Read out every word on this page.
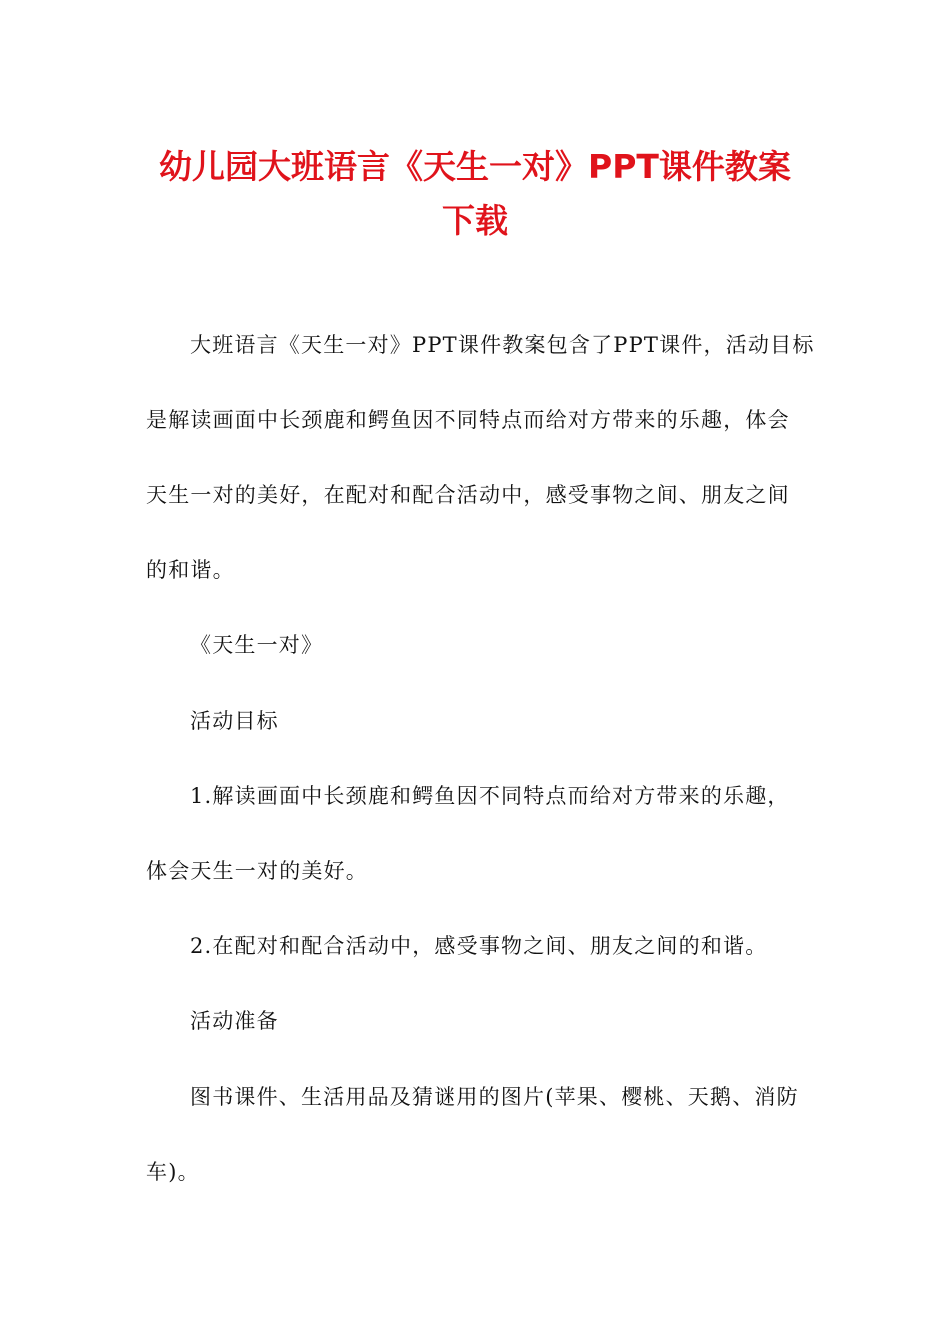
幼儿园大班语言《天生一对》PPT课件教案
下载
大班语言《天生一对》PPT课件教案包含了PPT课件，活动目标
是解读画面中长颈鹿和鳄鱼因不同特点而给对方带来的乐趣，体会
天生一对的美好，在配对和配合活动中，感受事物之间、朋友之间
的和谐。
《天生一对》
活动目标
1.解读画面中长颈鹿和鳄鱼因不同特点而给对方带来的乐趣，
体会天生一对的美好。
2.在配对和配合活动中，感受事物之间、朋友之间的和谐。
活动准备
图书课件、生活用品及猜谜用的图片(苹果、樱桃、天鹅、消防
车)。
